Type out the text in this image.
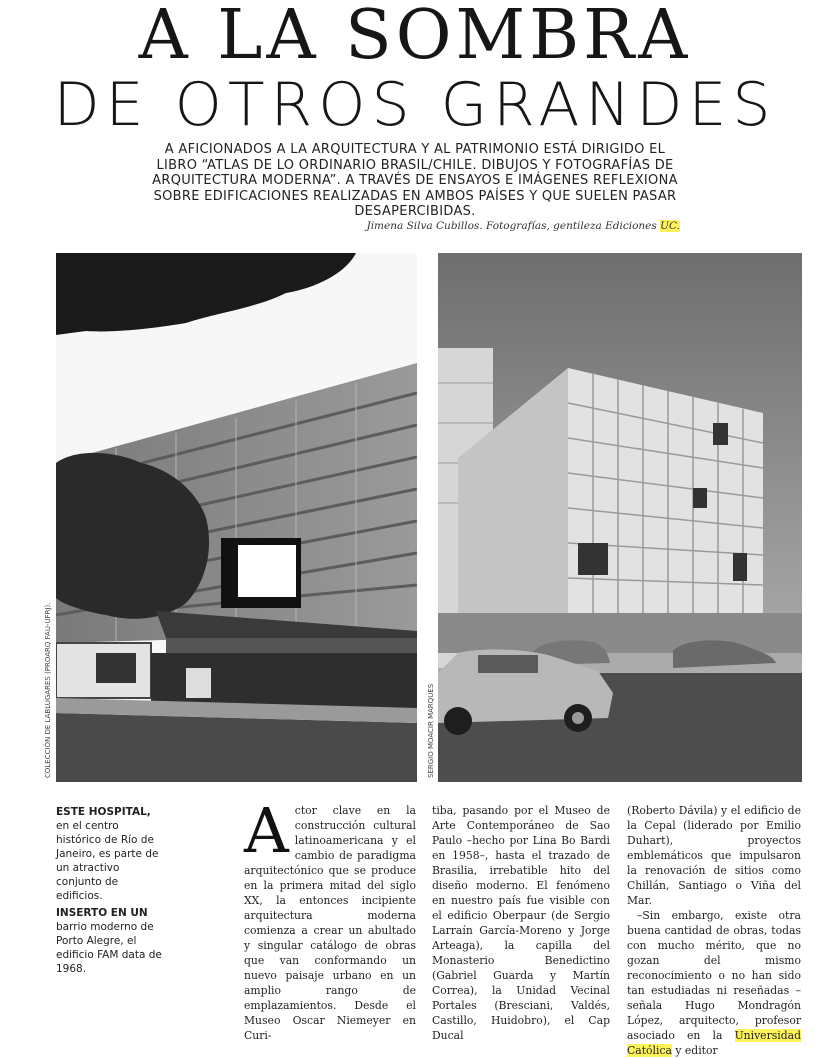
A LA SOMBRA
DE OTROS GRANDES
A AFICIONADOS A LA ARQUITECTURA Y AL PATRIMONIO ESTÁ DIRIGIDO EL LIBRO “ATLAS DE LO ORDINARIO BRASIL/CHILE. DIBUJOS Y FOTOGRAFÍAS DE ARQUITECTURA MODERNA”. A TRAVÉS DE ENSAYOS E IMÁGENES REFLEXIONA SOBRE EDIFICACIONES REALIZADAS EN AMBOS PAÍSES Y QUE SUELEN PASAR DESAPERCIBIDAS.
Jimena Silva Cubillos. Fotografías, gentileza Ediciones UC.
COLECCIÓN DE LABLUGARES (PROARQ FAU-UFRJ).	SERGIO MOACIR MARQUES
ESTE HOSPITAL,
en el centro histórico de Río de Janeiro, es parte de un atractivo conjunto de edificios.
INSERTO EN UN
barrio moderno de Porto Alegre, el edificio FAM data de 1968.
Actor clave en la construcción cultural latinoamericana y el cambio de paradigma arquitectónico que se produce en la primera mitad del siglo XX, la entonces incipiente arquitectura moderna comienza a crear un abultado y singular catálogo de obras que van conformando un nuevo paisaje urbano en un amplio rango de emplazamientos. Desde el Museo Oscar Niemeyer en Curi-
tiba, pasando por el Museo de Arte Contemporáneo de Sao Paulo –hecho por Lina Bo Bardi en 1958–, hasta el trazado de Brasilia, irrebatible hito del diseño moderno. El fenómeno en nuestro país fue visible con el edificio Oberpaur (de Sergio Larraín García-Moreno y Jorge Arteaga), la capilla del Monasterio Benedictino (Gabriel Guarda y Martín Correa), la Unidad Vecinal Portales (Bresciani, Valdés, Castillo, Huidobro), el Cap Ducal
(Roberto Dávila) y el edificio de la Cepal (liderado por Emilio Duhart), proyectos emblemáticos que impulsaron la renovación de sitios como Chillán, Santiago o Viña del Mar.
–Sin embargo, existe otra buena cantidad de obras, todas con mucho mérito, que no gozan del mismo reconocimiento o no han sido tan estudiadas ni reseñadas –señala Hugo Mondragón López, arquitecto, profesor asociado en la Universidad Católica y editor
